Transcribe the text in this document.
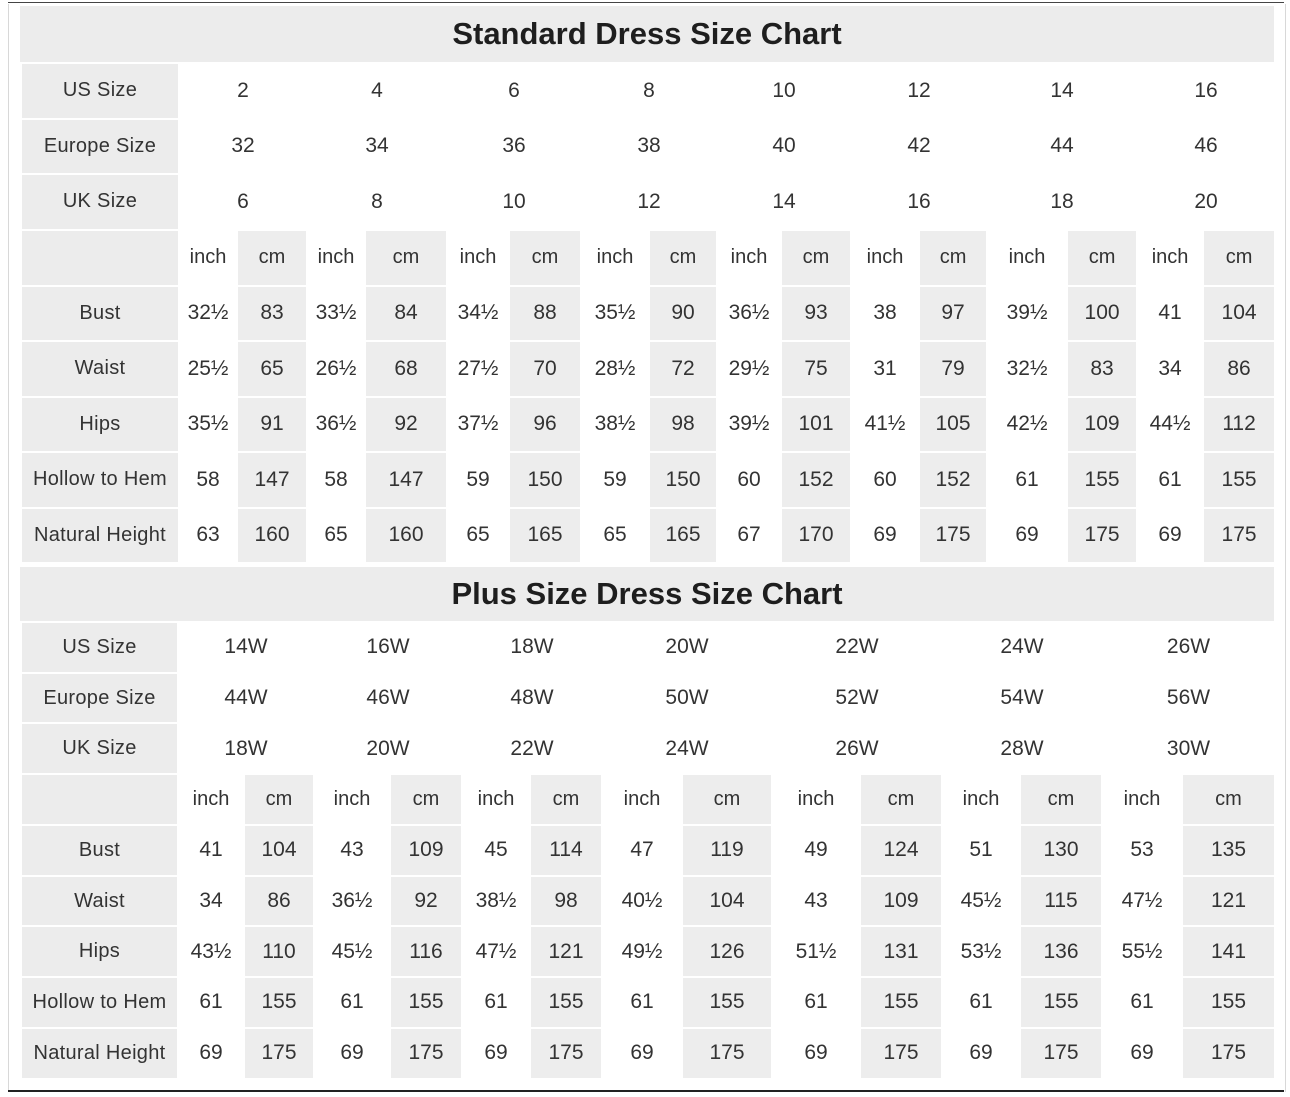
Standard Dress Size Chart
US Size	2		4		6		8		10		12		14		16	
Europe Size	32		34		36		38		40		42		44		46	
UK Size	6		8		10		12		14		16		18		20	
	inch	cm	inch	cm	inch	cm	inch	cm	inch	cm	inch	cm	inch	cm	inch	cm
Bust	32½	83	33½	84	34½	88	35½	90	36½	93	38	97	39½	100	41	104
Waist	25½	65	26½	68	27½	70	28½	72	29½	75	31	79	32½	83	34	86
Hips	35½	91	36½	92	37½	96	38½	98	39½	101	41½	105	42½	109	44½	112
Hollow to Hem	58	147	58	147	59	150	59	150	60	152	60	152	61	155	61	155
Natural Height	63	160	65	160	65	165	65	165	67	170	69	175	69	175	69	175
Plus Size Dress Size Chart
US Size	14W		16W		18W		20W		22W		24W		26W	
Europe Size	44W		46W		48W		50W		52W		54W		56W	
UK Size	18W		20W		22W		24W		26W		28W		30W	
	inch	cm	inch	cm	inch	cm	inch	cm	inch	cm	inch	cm	inch	cm
Bust	41	104	43	109	45	114	47	119	49	124	51	130	53	135
Waist	34	86	36½	92	38½	98	40½	104	43	109	45½	115	47½	121
Hips	43½	110	45½	116	47½	121	49½	126	51½	131	53½	136	55½	141
Hollow to Hem	61	155	61	155	61	155	61	155	61	155	61	155	61	155
Natural Height	69	175	69	175	69	175	69	175	69	175	69	175	69	175
